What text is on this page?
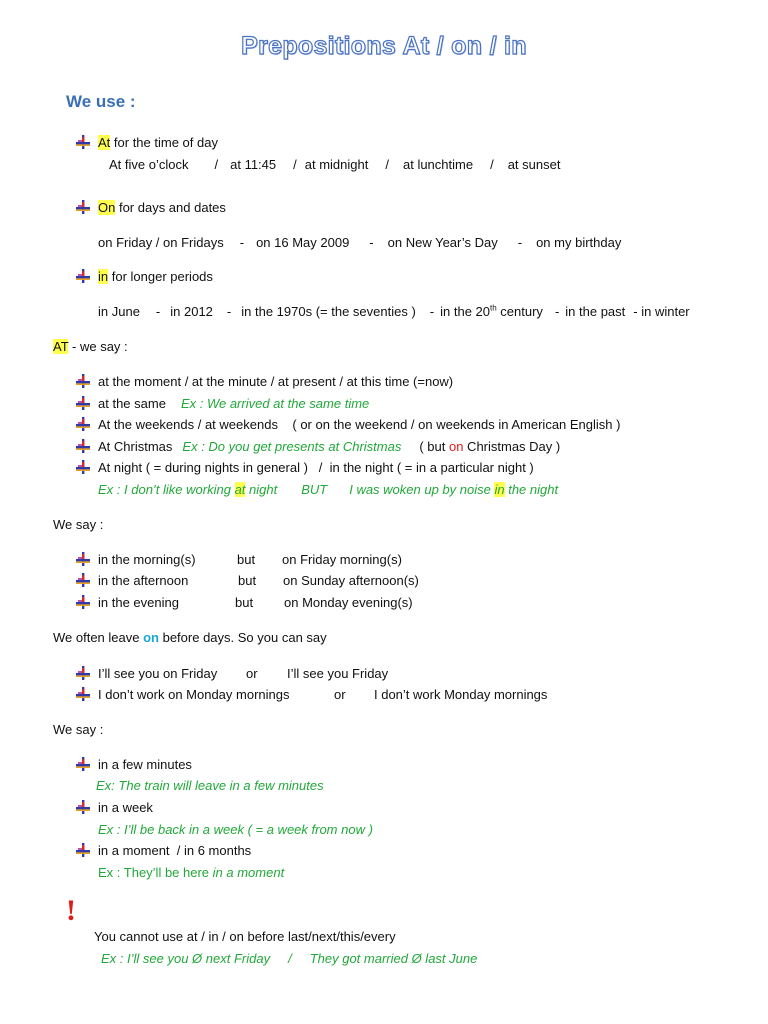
Prepositions At / on / in
We use :
At for the time of day
At five o’clock / at 11:45 / at midnight / at lunchtime / at sunset
On for days and dates
on Friday / on Fridays - on 16 May 2009 - on New Year’s Day - on my birthday
in for longer periods
in June - in 2012 - in the 1970s (= the seventies ) - in the 20th century - in the past - in winter
AT - we say :
at the moment / at the minute / at present / at this time (=now)
at the same Ex : We arrived at the same time
At the weekends / at weekends    ( or on the weekend / on weekends in American English )
At Christmas Ex : Do you get presents at Christmas ( but on Christmas Day )
At night ( = during nights in general )   /  in the night ( = in a particular night )
Ex : I don’t like working at night BUT I was woken up by noise in the night
We say :
in the morning(s)	but on Friday morning(s)
in the afternoon	but on Sunday afternoon(s)
in the evening	but on Monday evening(s)
We often leave on before days. So you can say
I’ll see you on Friday or I’ll see you Friday
I don’t work on Monday mornings	or I don’t work Monday mornings
We say :
in a few minutes
Ex: The train will leave in a few minutes
in a week
Ex : I’ll be back in a week ( = a week from now )
in a moment  / in 6 months
Ex : They’ll be here in a moment
!
You cannot use at / in / on before last/next/this/every
Ex : I’ll see you Ø next Friday / They got married Ø last June
